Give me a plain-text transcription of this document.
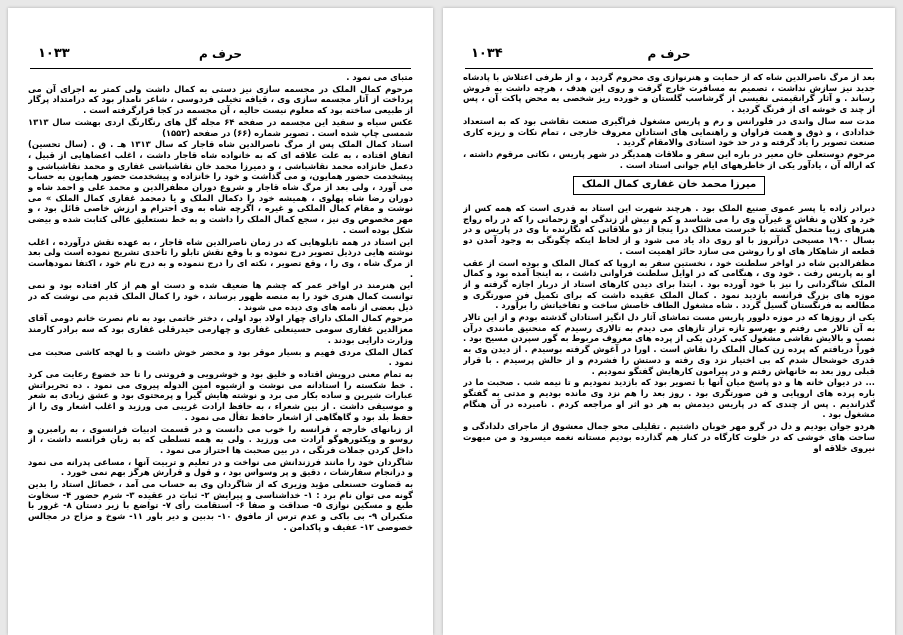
حرف م
۱۰۳۳

متبای می نمود .

مرحوم کمال الملک در مجسمه سازی نیز دستی به کمال داشت ولی کمتر به اجرای آن می پرداخت از آثار مجسمه سازی وی ، قیافه تخیلی فردوسی ، شاعر نامدار بود که درامتداد پرگار از طبیعی ساخته بود که معلوم نیست حالیه ، آن مجسمه در کجا قرارگرفته است .

عکس سیاه و سفید این مجسمه در صفحه ۶۴ مجله گل های رنگارنگ اردی بهشت سال ۱۳۱۳ شمسی چاپ شده است . تصویر شماره (۶۶) در صفحه (۱۵۵۲)

استاد کمال الملک پس از مرگ ناصرالدین شاه قاجار که سال ۱۳۱۳ هـ . ق . (سال تحسین) اتفاق افتاده ، به علت علاقه ای که به خانواده شاه قاجار داشت ، اغلب اعضاهایی از قبیل ، دعمل خانزاده محمد نقاشباشی ، و دمیرزا محمد خان نقاشباشی غفاری و محمد نقاشباشی و پیشخدمت حضور همایون، و می گذاشت و خود را خانزاده و پیشخدمت حضور همایون به حساب می آورد ، ولی بعد از مرگ شاه قاجار و شروع دوران مظفرالدین و محمد علی و احمد شاه و دوران رضا شاه پهلوی ، همیشه خود را دکمال الملک و یا دمحمد غفاری کمال الملک » می نوشت و مقام کمال الملکی و غیره ، اگرچه شاه به وی احترام و ارزش خاصی قائل بود ، و مهر مخصوص وی نیز ، سجع کمال الملک را داشت و به خط نستعلیق عالی کتابت شده و بیضی شکل بوده است .

این استاد در همه تابلوهایی که در زمان ناصرالدین شاه قاجار ، به عهده نقش درآورده ، اغلب نوشته هایی درذیل تصویر درج نموده و با وقع نقش تابلو را تاحدی تشریح نموده است ولی بعد از مرگ شاه ، وی را ، وقع تصویر ، نکته ای را درج ننموده و به درج نام خود ، اکتفا نمودهاست .

این هنرمند در اواخر عمر که چشم ها ضعیف شده و دست او هم از کار افتاده بود و نمی توانست کمال هنری خود را به منصه ظهور برساند ، خود را کمال الملک قدیم می نوشت که در ذیل بعضی از نامه های وی دیده می شوند .

مرحوم کمال الملک دارای چهار اولاد بود اولی ، دختر خاتمی بود به نام نصرت خانم دومی آقای معزالدین غفاری سومی حسینعلی غفاری و چهارمی حیدرقلی غفاری بود که سه برادر کارمند وزارت دارایی بودند .

کمال الملک مردی فهیم و بسیار موقر بود و محضر خوش داشت و با لهجه کاشی صحبت می نمود .

به تمام معنی درویش اقتاده و خلیق بود و خوشرویی و فروتنی را تا حد خضوع رعایت می کرد . خط شکسته را استادانه می نوشت و ازشیوه امین الدوله پیروی می نمود . ده تحریراتش عبارات شیرین و ساده بکار می برد و نوشته هایش گیرا و پرمحتوی بود و عشق زیادی به شعر و موسیقی داشت . از بین شعراء ، به حافظ ارادت غریبی می ورزید و اغلب اشعار وی را از حفظ بلد بود و گاهگاهی از اشعار حافظ تفأل می نمود .

از زبانهای خارجه ، فرانسه را خوب می دانست و در قسمت ادبیات فرانسوی ، به رامبرن و روسو و ویکتورهوگو ارادت می ورزید . ولی به همه تسلطی که به زبان فرانسه داشت ، از داخل کردن جملات فرنگی ، در بین صحبت ها احتراز می نمود .

شاگردان خود را مانند فرزندانش می نواخت و در تعلیم و تربیت آنها ، مساعی پدرانه می نمود و درانجام سفارشات ، دقیق و پر وسواس بود ، و قول و قرارش هرگز بهم نمی خورد .

به قضاوت حسنعلی مؤید وزیری که از شاگردان وی به حساب می آمد ، خصائل استاد را بدین گونه می توان نام برد : ۱- خداشناسی و پیرایش ۲- ثبات در عقیده ۳- شرم حضور ۴- سخاوت طبع و مسکین نوازی ۵- صداقت و صفا ۶- استقامت رأی ۷- تواضع با زیر دستان ۸- غرور با متکبران ۹- بی باکی و عدم ترس از مافوق ۱۰- بدبین و دیر باور ۱۱- شوخ و مزاح در مجالس خصوصی ۱۲- عفیف و پاکدامن .

حرف م
۱۰۳۴

بعد از مرگ ناصرالدین شاه که از حمایت و هنرنوازی وی محروم گردید ، و از طرفی اعتلاش با پادشاه جدید نیز سازش نداشت ، تصمیم به مسافرت خارج گرفت و روی این هدف ، هرچه داشت به فروش رساند . و آثار گرانقیمتی نفیسی از گرشاسب گلستان و خورده ریز شخصی به محض پاکت آن ، پس از چند ی خوشه ای از فرنگ گردید .

مدت سه سال واندی در فلورانس و رم و پاریس مشغول فراگیری صنعت نقاشی بود که به استعداد خدادادی ، و ذوق و همت فراوان و راهنمایی های استادان معروف خارجی ، تمام نکات و ریزه کاری صنعت تصویر را یاد گرفته و در حد خود استادی والامقام گردید .

مرحوم دوستعلی خان معیر در باره این سفر و ملاقات همدیگر در شهر پاریس ، نکاتی مرقوم داشته ، که اراله آن ، یادآور یکی از خاطرههای ایام جوانی استاد است .

میرزا محمد خان غفاری کمال الملک

دبرادر زاده یا پسر عموی صنیع الملک بود . هرچند شهرت این استاد به قدری است که همه کس از خرد و کلان و نقاش و غیرآن وی را می شناسد و کم و بیش از زندگی او و زحماتی را که در راه رواج هنرهای زیبا متحمل گشته با خبرست معذالک درا ینجا از دو ملاقاتی که نگارنده با وی در پاریس و در بسال ۱۹۰۰ مسیحی درآنروز با او روی داد یاد می شود و از لحاظ اینکه چگونگی به وجود آمدن دو قطعه از شاهکار های او را روشن می سازد حائز اهمیت است .

مظفرالدین شاه در اواخر سلطنت خود ، نخستین سفر به اروپا که کمال الملک و بوده است از عقب او به پاریس رفت . خود وی ، هنگامی که در اوایل سلطنت فراوانی داشت ، به اینجا آمده بود و کمال الملک شاگردانی را نیز با خود آورده بود . ابتدا برای دیدن کارهای استاد از دربار اجازه گرفته و از موزه های بزرگ فرانسه بازدید نمود . کمال الملک عقیده داشت که برای تکمیل فن صورتگری و مطالعه به فرنگستان گسیل گردد . شاه مشغول الطاف خاصش ساخت و تفاخیاتش را برآورد .

یکی از روزها که در موزه دلوور پاریس مست تماشای آثار دل انگیز استادان گذشته بودم و از این تالار به آن تالار می رفتم و بهرسو تازه تراز تازهای می دیدم به تالاری رسیدم که منحنیق مانندی درآن نصب و بالایش نقاشی مشغول کپی کردن یکی از پرده های معروف مربوط به گور سپردن مسیح بود . فوراً دریافتم که پرده زن کمال الملک را نقاش است . اورا در آغوش گرفته بوسیدم . از دیدن وی به قدری خوشحال شدم که بی اختیار نزد وی رفته و دستش را فشردم و از حالش پرسیدم . با قرار قبلی روز بعد به خانهاش رفتم و در پیرامون کارهایش گفتگو نمودیم .

... در دیوان خانه ها و دو پاسخ میان آنها با تصویر بود که بازدید نمودیم و تا نیمه شب . صحبت ما در باره پرده های اروپایی و فن صورتگری بود . روز بعد را هم نزد وی مانده بودیم و مدتی به گفتگو گذراندیم . پس از چندی که در پاریس دیدمش به هر دو اثر او مراجعه کردم . نامبرده در آن هنگام مشغول بود .

هردو جوان بودیم و دل در گرو مهر خوبان داشتیم . تقلیلی محو جمال معشوق از ماجرای دلدادگی و ساحت های خوشی که در خلوت کارگاه در کنار هم گذارده بودیم مستانه نغمه میسرود و من مبهوت نیروی خلاقه او
